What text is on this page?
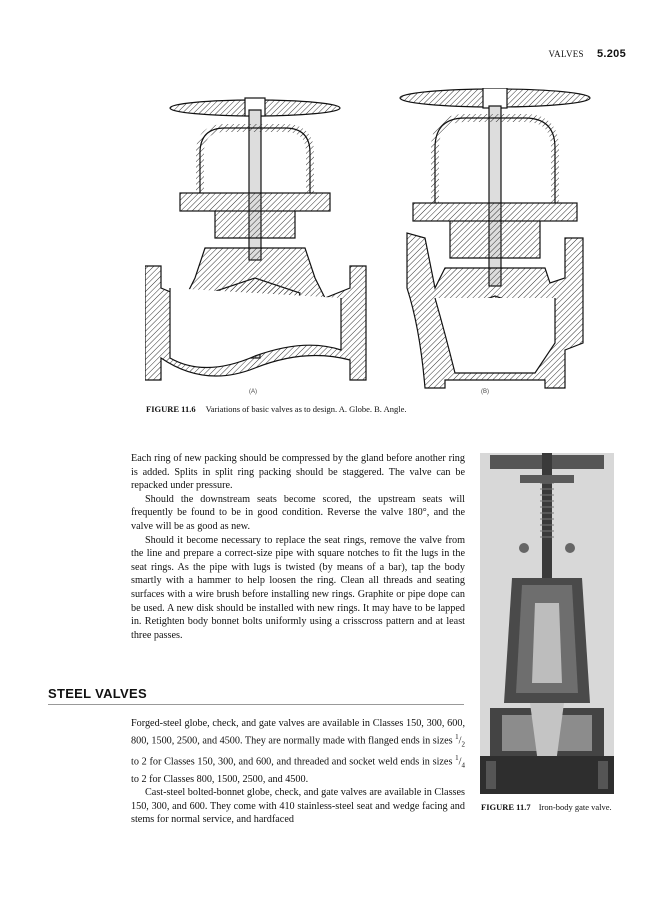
VALVES 5.205
(A)	(B)
FIGURE 11.6 Variations of basic valves as to design. A. Globe. B. Angle.

Each ring of new packing should be compressed by the gland before another ring is added. Splits in split ring packing should be staggered. The valve can be repacked under pressure.

Should the downstream seats become scored, the upstream seats will frequently be found to be in good condition. Reverse the valve 180°, and the valve will be as good as new.

Should it become necessary to replace the seat rings, remove the valve from the line and prepare a correct-size pipe with square notches to fit the lugs in the seat rings. As the pipe with lugs is twisted (by means of a bar), tap the body smartly with a hammer to help loosen the ring. Clean all threads and seating surfaces with a wire brush before installing new rings. Graphite or pipe dope can be used. A new disk should be installed with new rings. It may have to be lapped in. Retighten body bonnet bolts uniformly using a crisscross pattern and at least three passes.

FIGURE 11.7 Iron-body gate valve.
STEEL VALVES

Forged-steel globe, check, and gate valves are available in Classes 150, 300, 600, 800, 1500, 2500, and 4500. They are normally made with flanged ends in sizes $^1/_2$ to 2 for Classes 150, 300, and 600, and threaded and socket weld ends in sizes $^1/_4$ to 2 for Classes 800, 1500, 2500, and 4500.

Cast-steel bolted-bonnet globe, check, and gate valves are available in Classes 150, 300, and 600. They come with 410 stainless-steel seat and wedge facing and stems for normal service, and hardfaced
